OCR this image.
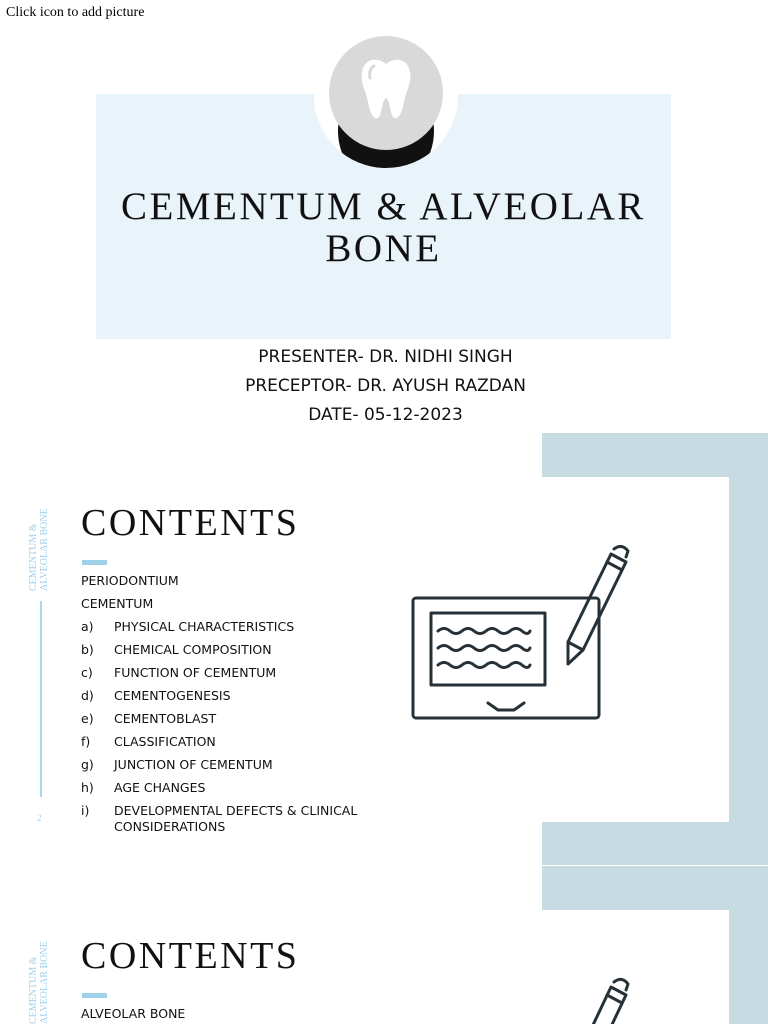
Click icon to add picture
CEMENTUM & ALVEOLAR
BONE
PRESENTER- DR. NIDHI SINGH
PRECEPTOR- DR. AYUSH RAZDAN
DATE- 05-12-2023
CEMENTUM &
ALVEOLAR BONE
2
CONTENTS
PERIODONTIUM
CEMENTUM
a) PHYSICAL CHARACTERISTICS
b) CHEMICAL COMPOSITION
c) FUNCTION OF CEMENTUM
d) CEMENTOGENESIS
e) CEMENTOBLAST
f) CLASSIFICATION
g) JUNCTION OF CEMENTUM
h) AGE CHANGES
i) DEVELOPMENTAL DEFECTS & CLINICAL CONSIDERATIONS
CEMENTUM &
ALVEOLAR BONE CONTENTS
ALVEOLAR BONE
